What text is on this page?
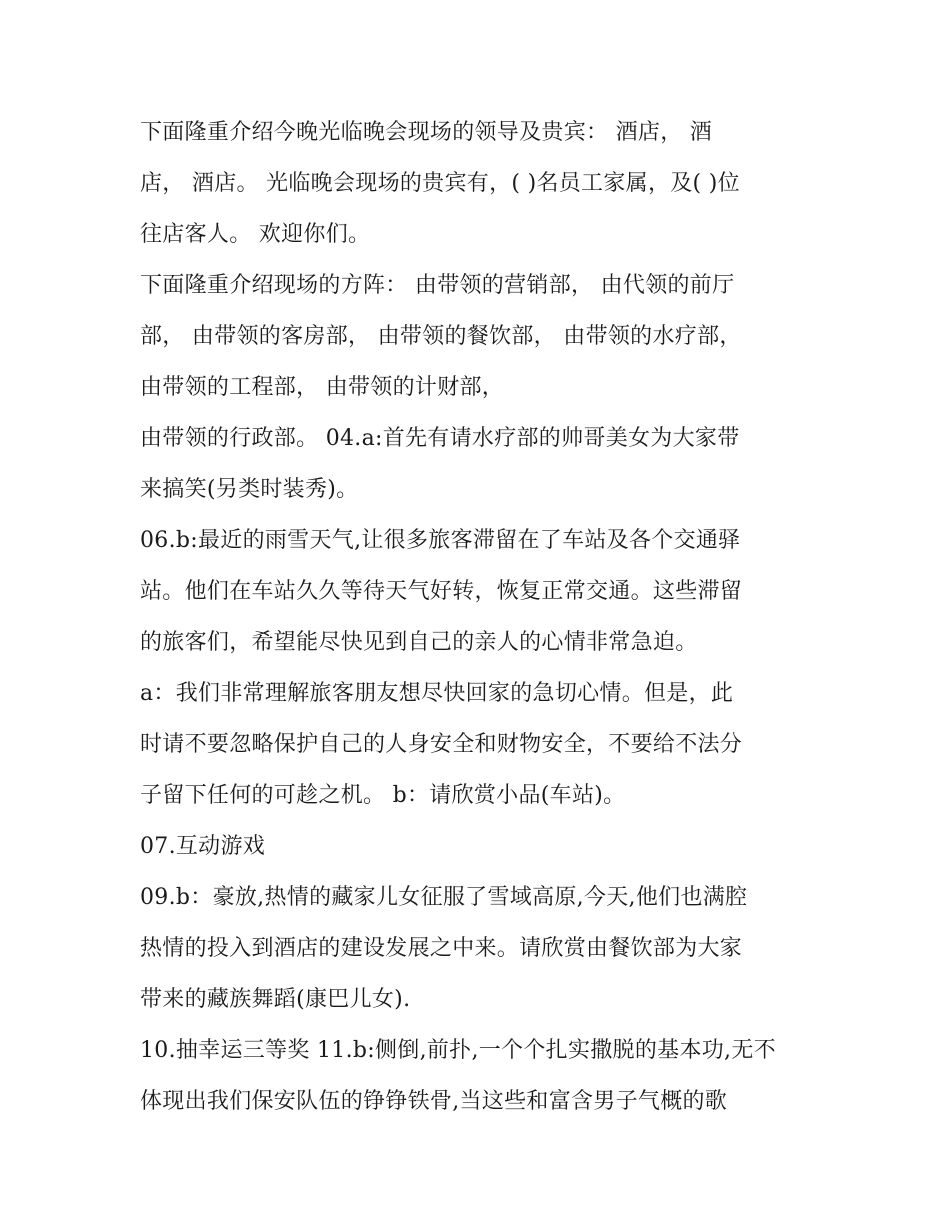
下面隆重介绍今晚光临晚会现场的领导及贵宾： 酒店， 酒
店， 酒店。 光临晚会现场的贵宾有，( )名员工家属，及( )位
往店客人。 欢迎你们。
下面隆重介绍现场的方阵： 由带领的营销部， 由代领的前厅
部， 由带领的客房部， 由带领的餐饮部， 由带领的水疗部，
由带领的工程部， 由带领的计财部，
由带领的行政部。 04.a:首先有请水疗部的帅哥美女为大家带
来搞笑(另类时装秀)。
06.b:最近的雨雪天气,让很多旅客滞留在了车站及各个交通驿
站。他们在车站久久等待天气好转，恢复正常交通。这些滞留
的旅客们，希望能尽快见到自己的亲人的心情非常急迫。
a：我们非常理解旅客朋友想尽快回家的急切心情。但是，此
时请不要忽略保护自己的人身安全和财物安全，不要给不法分
子留下任何的可趁之机。 b：请欣赏小品(车站)。
07.互动游戏
09.b：豪放,热情的藏家儿女征服了雪域高原,今天,他们也满腔
热情的投入到酒店的建设发展之中来。请欣赏由餐饮部为大家
带来的藏族舞蹈(康巴儿女).
10.抽幸运三等奖 11.b:侧倒,前扑,一个个扎实撒脱的基本功,无不
体现出我们保安队伍的铮铮铁骨,当这些和富含男子气概的歌
